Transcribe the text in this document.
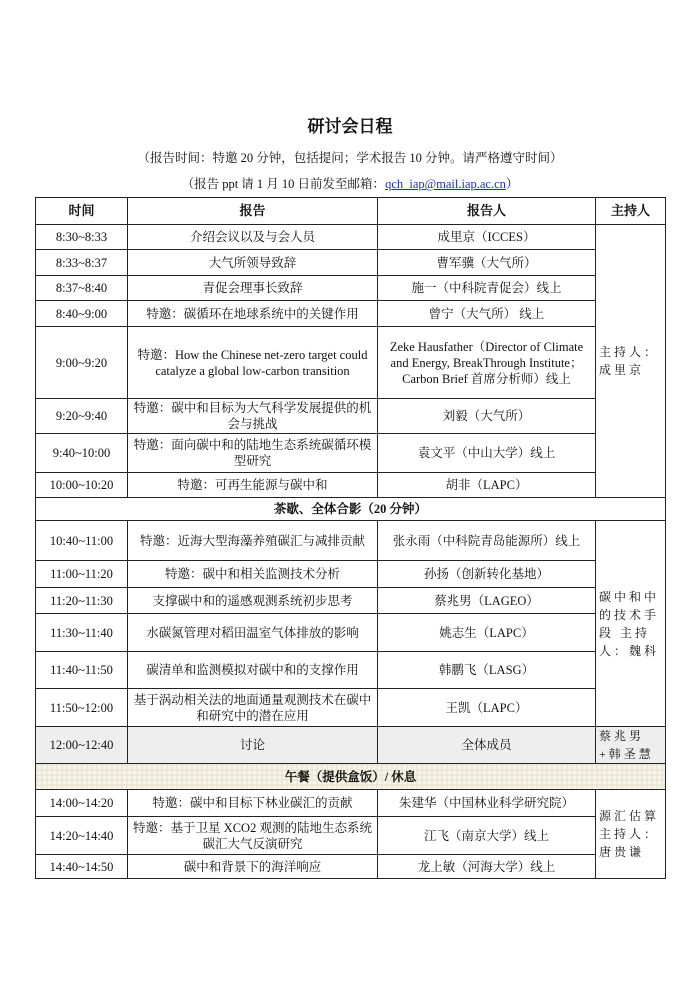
研讨会日程
（报告时间：特邀 20 分钟，包括提问；学术报告 10 分钟。请严格遵守时间）
（报告 ppt 请 1 月 10 日前发至邮箱：qch_iap@mail.iap.ac.cn）
时间	报告	报告人	主持人
8:30~8:33	介绍会议以及与会人员	成里京（ICCES）	主持人：成里京
8:33~8:37	大气所领导致辞	曹军骥（大气所）	
8:37~8:40	青促会理事长致辞	施一（中科院青促会）线上	
8:40~9:00	特邀：碳循环在地球系统中的关键作用	曾宁（大气所） 线上	
9:00~9:20	特邀：How the Chinese net-zero target could catalyze a global low-carbon transition	Zeke Hausfather（Director of Climate and Energy, BreakThrough Institute；Carbon Brief 首席分析师）线上	
9:20~9:40	特邀：碳中和目标为大气科学发展提供的机会与挑战	刘毅（大气所）	
9:40~10:00	特邀：面向碳中和的陆地生态系统碳循环模型研究	袁文平（中山大学）线上	
10:00~10:20	特邀：可再生能源与碳中和	胡非（LAPC）	
茶歇、全体合影（20 分钟）			
10:40~11:00	特邀：近海大型海藻养殖碳汇与减排贡献	张永雨（中科院青岛能源所）线上	碳中和中的技术手段 主持人：魏科
11:00~11:20	特邀：碳中和相关监测技术分析	孙扬（创新转化基地）	
11:20~11:30	支撑碳中和的遥感观测系统初步思考	蔡兆男（LAGEO）	
11:30~11:40	水碳氮管理对稻田温室气体排放的影响	姚志生（LAPC）	
11:40~11:50	碳清单和监测模拟对碳中和的支撑作用	韩鹏飞（LASG）	
11:50~12:00	基于涡动相关法的地面通量观测技术在碳中和研究中的潜在应用	王凯（LAPC）	
12:00~12:40	讨论	全体成员	蔡兆男+韩圣慧
午餐（提供盒饭）/ 休息			
14:00~14:20	特邀：碳中和目标下林业碳汇的贡献	朱建华（中国林业科学研究院）	源汇估算 主持人：唐贵谦
14:20~14:40	特邀：基于卫星 XCO2 观测的陆地生态系统碳汇大气反演研究	江飞（南京大学）线上	
14:40~14:50	碳中和背景下的海洋响应	龙上敏（河海大学）线上	
